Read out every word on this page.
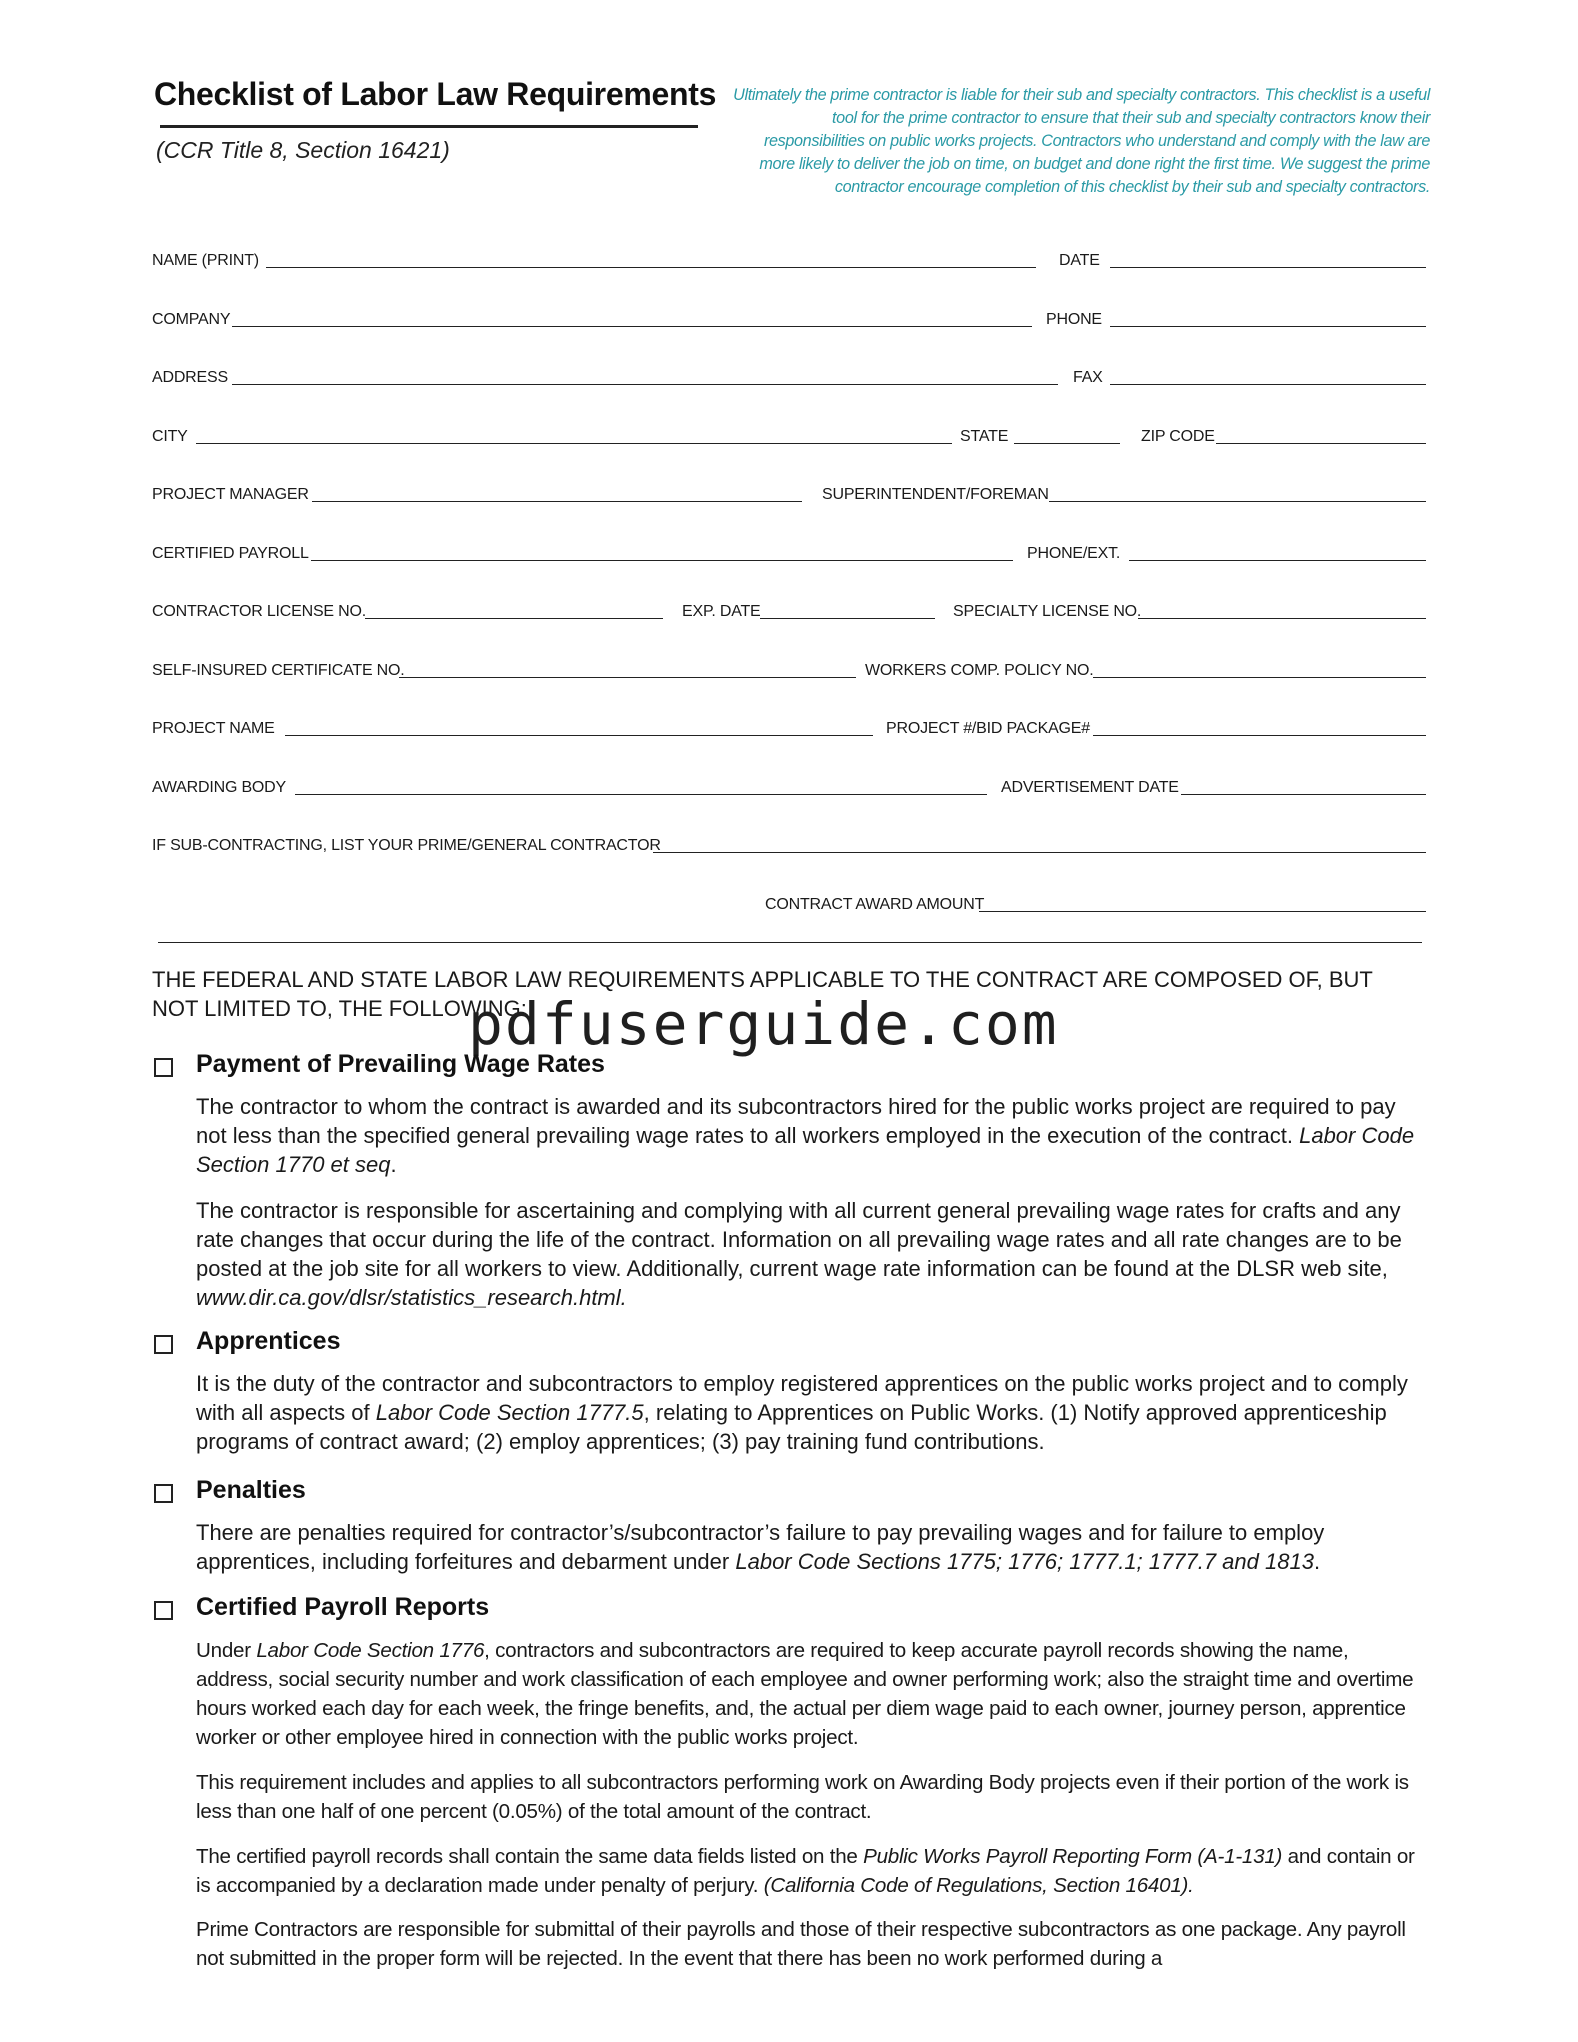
Checklist of Labor Law Requirements
(CCR Title 8, Section 16421)
Ultimately the prime contractor is liable for their sub and specialty contractors. This checklist is a useful tool for the prime contractor to ensure that their sub and specialty contractors know their responsibilities on public works projects. Contractors who understand and comply with the law are more likely to deliver the job on time, on budget and done right the first time. We suggest the prime contractor encourage completion of this checklist by their sub and specialty contractors.
NAME (PRINT)	DATE
COMPANY	PHONE
ADDRESS	FAX
CITY	STATE	ZIP CODE
PROJECT MANAGER	SUPERINTENDENT/FOREMAN
CERTIFIED PAYROLL	PHONE/EXT.
CONTRACTOR LICENSE NO.	EXP. DATE	SPECIALTY LICENSE NO.
SELF-INSURED CERTIFICATE NO.	WORKERS COMP. POLICY NO.
PROJECT NAME	PROJECT #/BID PACKAGE#
AWARDING BODY	ADVERTISEMENT DATE
IF SUB-CONTRACTING, LIST YOUR PRIME/GENERAL CONTRACTOR
CONTRACT AWARD AMOUNT
THE FEDERAL AND STATE LABOR LAW REQUIREMENTS APPLICABLE TO THE CONTRACT ARE COMPOSED OF, BUT NOT LIMITED TO, THE FOLLOWING:
pdfuserguide.com
Payment of Prevailing Wage Rates

The contractor to whom the contract is awarded and its subcontractors hired for the public works project are required to pay not less than the specified general prevailing wage rates to all workers employed in the execution of the contract. Labor Code Section 1770 et seq.

The contractor is responsible for ascertaining and complying with all current general prevailing wage rates for crafts and any rate changes that occur during the life of the contract. Information on all prevailing wage rates and all rate changes are to be posted at the job site for all workers to view. Additionally, current wage rate information can be found at the DLSR web site, www.dir.ca.gov/dlsr/statistics_research.html.

Apprentices

It is the duty of the contractor and subcontractors to employ registered apprentices on the public works project and to comply with all aspects of Labor Code Section 1777.5, relating to Apprentices on Public Works. (1) Notify approved apprenticeship programs of contract award; (2) employ apprentices; (3) pay training fund contributions.

Penalties

There are penalties required for contractor’s/subcontractor’s failure to pay prevailing wages and for failure to employ apprentices, including forfeitures and debarment under Labor Code Sections 1775; 1776; 1777.1; 1777.7 and 1813.

Certified Payroll Reports

Under Labor Code Section 1776, contractors and subcontractors are required to keep accurate payroll records showing the name, address, social security number and work classification of each employee and owner performing work; also the straight time and overtime hours worked each day for each week, the fringe benefits, and, the actual per diem wage paid to each owner, journey person, apprentice worker or other employee hired in connection with the public works project.

This requirement includes and applies to all subcontractors performing work on Awarding Body projects even if their portion of the work is less than one half of one percent (0.05%) of the total amount of the contract.

The certified payroll records shall contain the same data fields listed on the Public Works Payroll Reporting Form (A-1-131) and contain or is accompanied by a declaration made under penalty of perjury. (California Code of Regulations, Section 16401).

Prime Contractors are responsible for submittal of their payrolls and those of their respective subcontractors as one package. Any payroll not submitted in the proper form will be rejected. In the event that there has been no work performed during a
